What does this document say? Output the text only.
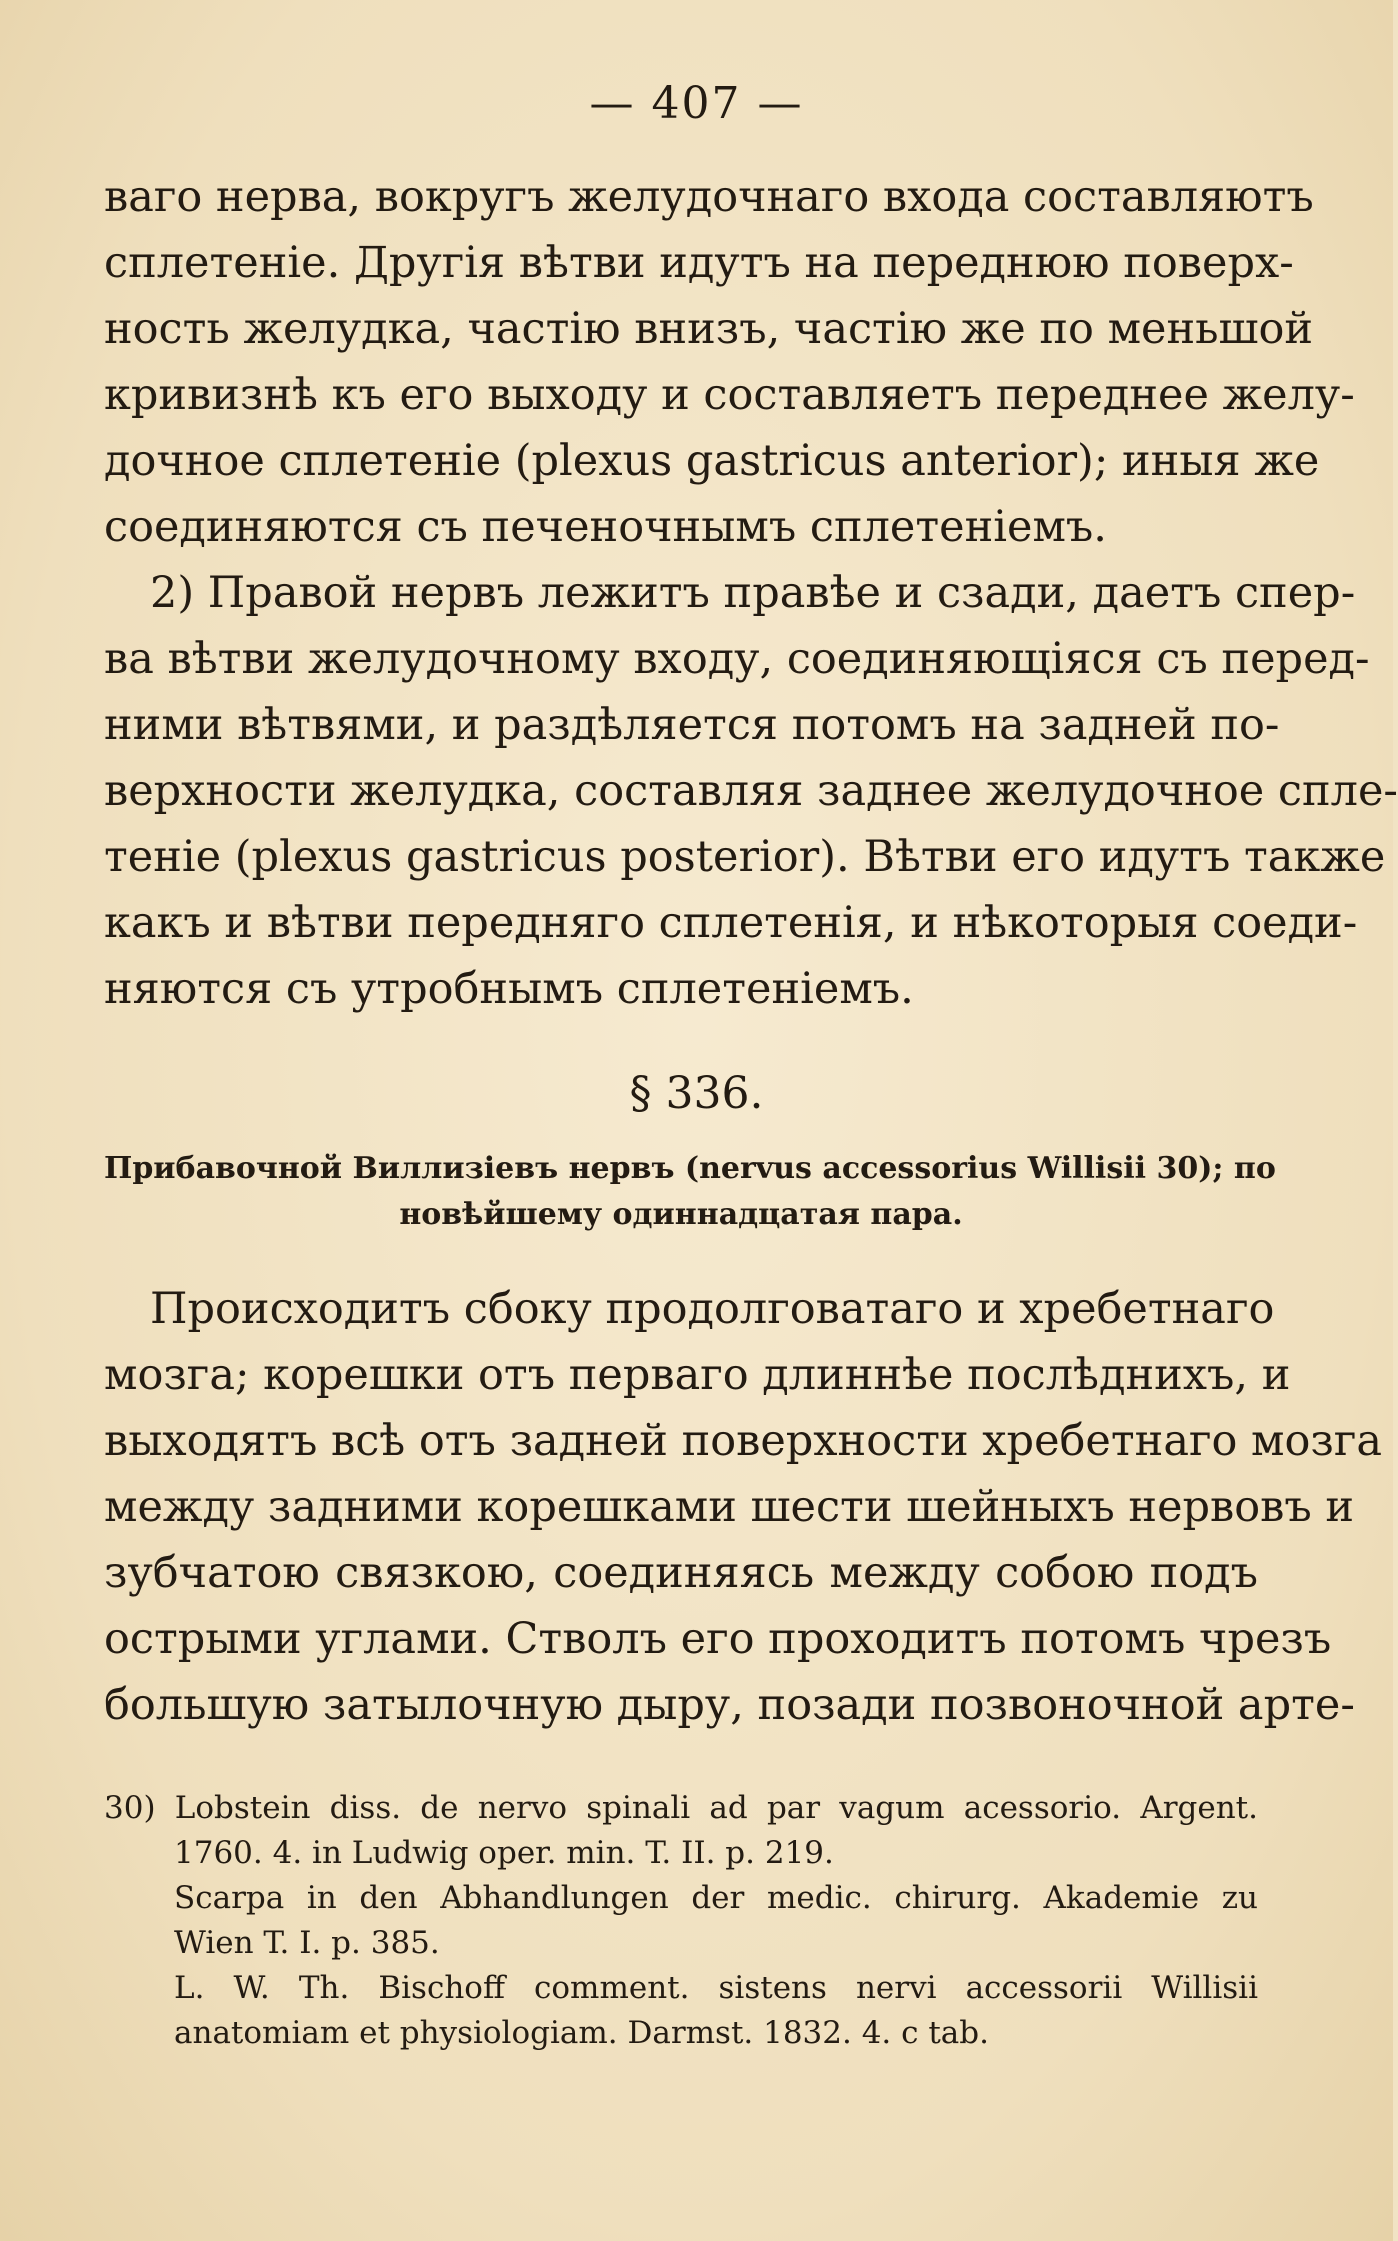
— 407 —
ваго нерва, вокругъ желудочнаго входа составляютъ
сплетеніе. Другія вѣтви идутъ на переднюю поверх-
ность желудка, частію внизъ, частію же по меньшой
кривизнѣ къ его выходу и составляетъ переднее желу-
дочное сплетеніе (plexus gastricus anterior); иныя же
соединяются съ печеночнымъ сплетеніемъ.
2) Правой нервъ лежитъ правѣе и сзади, даетъ спер-
ва вѣтви желудочному входу, соединяющіяся съ перед-
ними вѣтвями, и раздѣляется потомъ на задней по-
верхности желудка, составляя заднее желудочное спле-
теніе (plexus gastricus posterior). Вѣтви его идутъ также
какъ и вѣтви передняго сплетенія, и нѣкоторыя соеди-
няются съ утробнымъ сплетеніемъ.
§ 336.
Прибавочной Виллизіевъ нервъ (nervus accessorius Willisii 30); по
новѣйшему одиннадцатая пара.
Происходитъ сбоку продолговатаго и хребетнаго
мозга; корешки отъ перваго длиннѣе послѣднихъ, и
выходятъ всѣ отъ задней поверхности хребетнаго мозга
между задними корешками шести шейныхъ нервовъ и
зубчатою связкою, соединяясь между собою подъ
острыми углами. Стволъ его проходитъ потомъ чрезъ
большую затылочную дыру, позади позвоночной арте-
30) Lobstein diss. de nervo spinali ad par vagum acessorio. Argent.
1760. 4. in Ludwig oper. min. T. II. p. 219.
Scarpa in den Abhandlungen der medic. chirurg. Akademie zu
Wien T. I. p. 385.
L. W. Th. Bischoff comment. sistens nervi accessorii Willisii
anatomiam et physiologiam. Darmst. 1832. 4. c tab.
